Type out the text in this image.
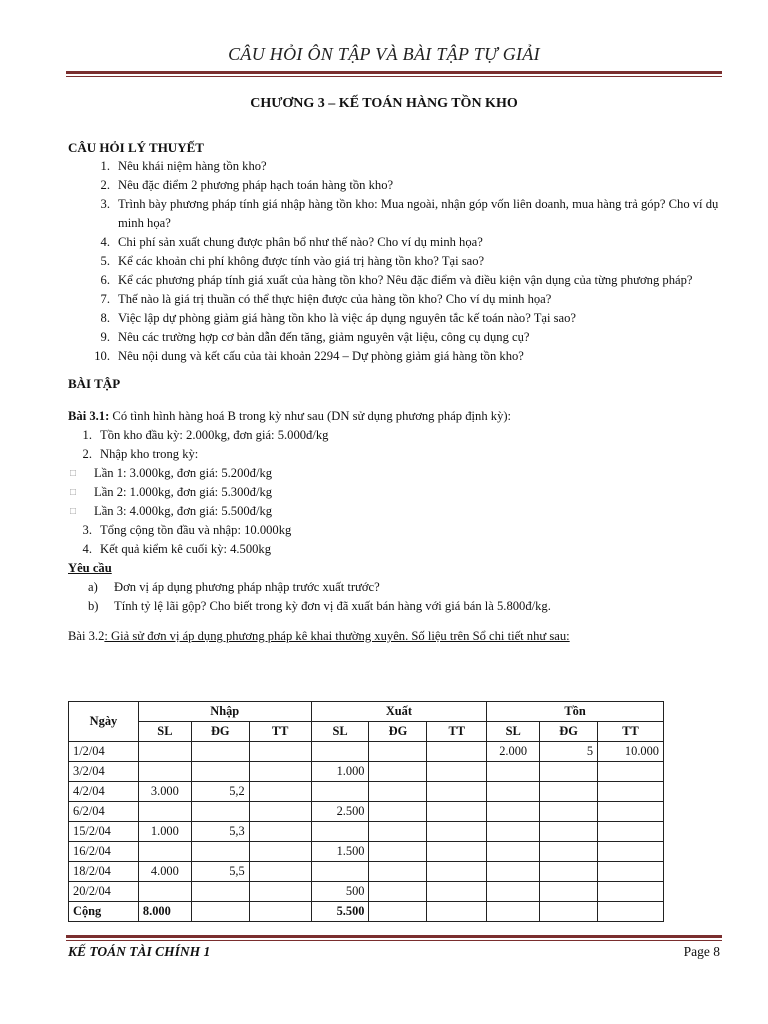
CÂU HỎI ÔN TẬP VÀ BÀI TẬP TỰ GIẢI
CHƯƠNG 3 – KẾ TOÁN HÀNG TỒN KHO

CÂU HỎI LÝ THUYẾT

1. Nêu khái niệm hàng tồn kho?
2. Nêu đặc điểm 2 phương pháp hạch toán hàng tồn kho?
3. Trình bày phương pháp tính giá nhập hàng tồn kho: Mua ngoài, nhận góp vốn liên doanh, mua hàng trả góp? Cho ví dụ minh họa?
4. Chi phí sản xuất chung được phân bổ như thế nào? Cho ví dụ minh họa?
5. Kể các khoản chi phí không được tính vào giá trị hàng tồn kho? Tại sao?
6. Kể các phương pháp tính giá xuất của hàng tồn kho? Nêu đặc điểm và điều kiện vận dụng của từng phương pháp?
7. Thế nào là giá trị thuần có thể thực hiện được của hàng tồn kho? Cho ví dụ minh họa?
8. Việc lập dự phòng giảm giá hàng tồn kho là việc áp dụng nguyên tắc kế toán nào? Tại sao?
9. Nêu các trường hợp cơ bản dẫn đến tăng, giảm nguyên vật liệu, công cụ dụng cụ?
10. Nêu nội dung và kết cấu của tài khoản 2294 – Dự phòng giảm giá hàng tồn kho?

BÀI TẬP

Bài 3.1: Có tình hình hàng hoá B trong kỳ như sau (DN sử dụng phương pháp định kỳ):

1. Tồn kho đầu kỳ: 2.000kg, đơn giá: 5.000đ/kg
2. Nhập kho trong kỳ:
□	Lần 1: 3.000kg, đơn giá: 5.200đ/kg
□	Lần 2: 1.000kg, đơn giá: 5.300đ/kg
□	Lần 3: 4.000kg, đơn giá: 5.500đ/kg
3. Tổng cộng tồn đầu và nhập: 10.000kg
4. Kết quả kiểm kê cuối kỳ: 4.500kg
Yêu cầu
a)	Đơn vị áp dụng phương pháp nhập trước xuất trước?
b)	Tính tỷ lệ lãi gộp? Cho biết trong kỳ đơn vị đã xuất bán hàng với giá bán là 5.800đ/kg.

Bài 3.2: Giả sử đơn vị áp dụng phương pháp kê khai thường xuyên. Số liệu trên Sổ chi tiết như sau:

Ngày	Nhập			Xuất			Tồn		
	SL	ĐG	TT	SL	ĐG	TT	SL	ĐG	TT
1/2/04							2.000	5	10.000
3/2/04				1.000					
4/2/04	3.000	5,2							
6/2/04				2.500					
15/2/04	1.000	5,3							
16/2/04				1.500					
18/2/04	4.000	5,5							
20/2/04				500					
Cộng	8.000			5.500					
KẾ TOÁN TÀI CHÍNH 1	Page 8
